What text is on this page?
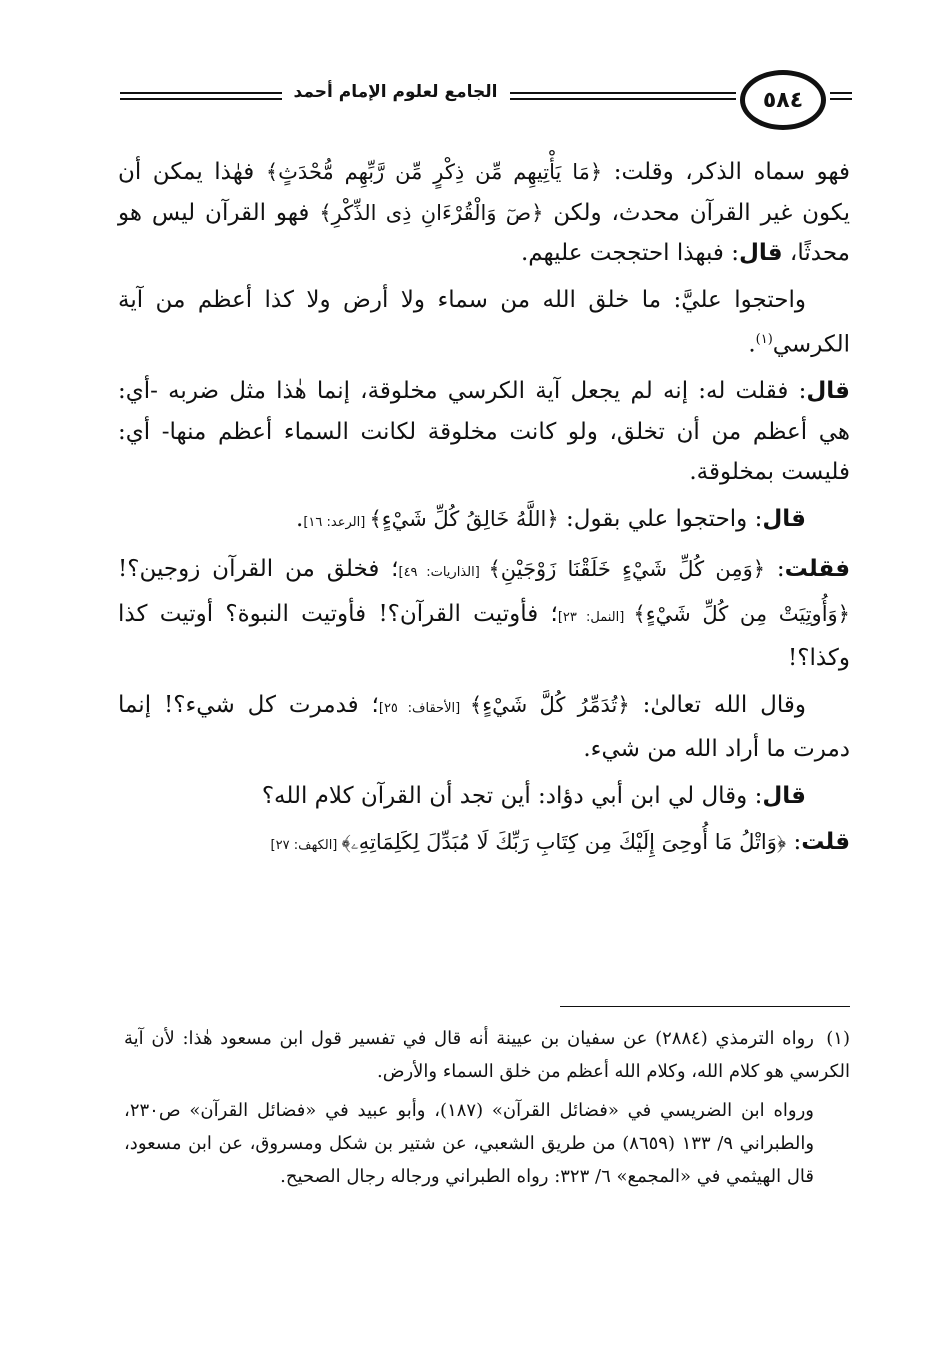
الجامع لعلوم الإمام أحمد	٥٨٤

فهو سماه الذكر، وقلت: ﴿مَا يَأْتِيهِم مِّن ذِكْرٍ مِّن رَّبِّهِم مُّحْدَثٍ﴾ فهٰذا يمكن أن يكون غير القرآن محدث، ولكن ﴿صٓ وَالْقُرْءَانِ ذِى الذِّكْرِ﴾ فهو القرآن ليس هو محدثًا، قال: فبهذا احتججت عليهم.

واحتجوا عليَّ: ما خلق الله من سماء ولا أرض ولا كذا أعظم من آية الكرسي$^{(١)}$.

قال: فقلت له: إنه لم يجعل آية الكرسي مخلوقة، إنما هٰذا مثل ضربه -أي: هي أعظم من أن تخلق، ولو كانت مخلوقة لكانت السماء أعظم منها- أي: فليست بمخلوقة.

قال: واحتجوا علي بقول: ﴿اللَّهُ خَالِقُ كُلِّ شَيْءٍ﴾ [الرعد: ١٦].

فقلت: ﴿وَمِن كُلِّ شَيْءٍ خَلَقْنَا زَوْجَيْنِ﴾ [الذاريات: ٤٩]؛ فخلق من القرآن زوجين؟! ﴿وَأُوتِيَتْ مِن كُلِّ شَيْءٍ﴾ [النمل: ٢٣]؛ فأوتيت القرآن؟! فأوتيت النبوة؟ أوتيت كذا وكذا؟!

وقال الله تعالىٰ: ﴿تُدَمِّرُ كُلَّ شَيْءٍ﴾ [الأحقاف: ٢٥]؛ فدمرت كل شيء؟! إنما دمرت ما أراد الله من شيء.

قال: وقال لي ابن أبي دؤاد: أين تجد أن القرآن كلام الله؟

قلت: ﴿وَاتْلُ مَا أُوحِىَ إِلَيْكَ مِن كِتَابِ رَبِّكَ لَا مُبَدِّلَ لِكَلِمَاتِهِۦ﴾ [الكهف: ٢٧]

(١)رواه الترمذي (٢٨٨٤) عن سفيان بن عيينة أنه قال في تفسير قول ابن مسعود هٰذا: لأن آية الكرسي هو كلام الله، وكلام الله أعظم من خلق السماء والأرض.

ورواه ابن الضريسي في «فضائل القرآن» (١٨٧)، وأبو عبيد في «فضائل القرآن» ص٢٣٠، والطبراني ٩/ ١٣٣ (٨٦٥٩) من طريق الشعبي، عن شتير بن شكل ومسروق، عن ابن مسعود، قال الهيثمي في «المجمع» ٦/ ٣٢٣: رواه الطبراني ورجاله رجال الصحيح.
